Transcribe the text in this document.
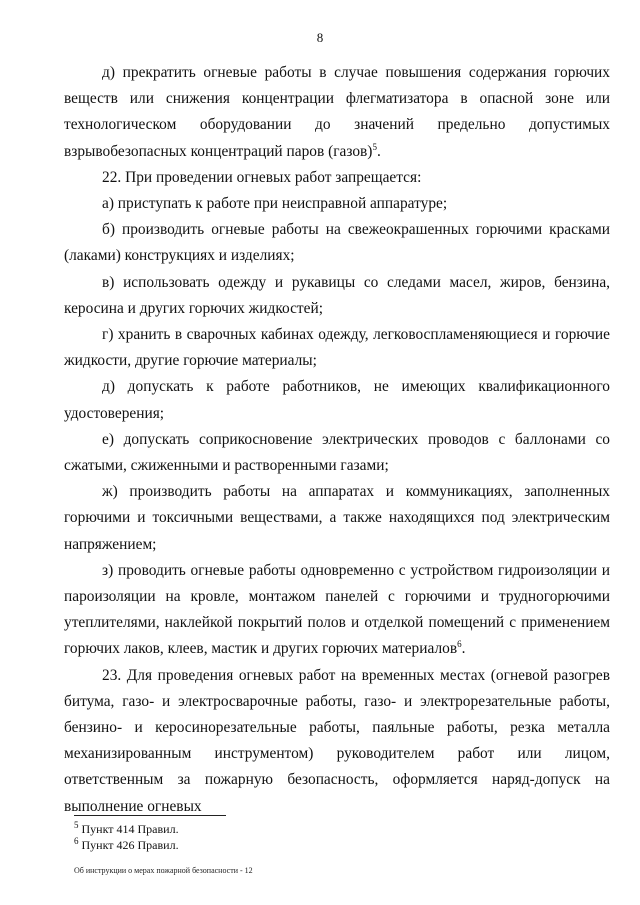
8

д) прекратить огневые работы в случае повышения содержания горючих веществ или снижения концентрации флегматизатора в опасной зоне или технологическом оборудовании до значений предельно допустимых взрывобезопасных концентраций паров (газов)$^5$.

22. При проведении огневых работ запрещается:

а) приступать к работе при неисправной аппаратуре;

б) производить огневые работы на свежеокрашенных горючими красками (лаками) конструкциях и изделиях;

в) использовать одежду и рукавицы со следами масел, жиров, бензина, керосина и других горючих жидкостей;

г) хранить в сварочных кабинах одежду, легковоспламеняющиеся и горючие жидкости, другие горючие материалы;

д) допускать к работе работников, не имеющих квалификационного удостоверения;

е) допускать соприкосновение электрических проводов с баллонами со сжатыми, сжиженными и растворенными газами;

ж) производить работы на аппаратах и коммуникациях, заполненных горючими и токсичными веществами, а также находящихся под электрическим напряжением;

з) проводить огневые работы одновременно с устройством гидроизоляции и пароизоляции на кровле, монтажом панелей с горючими и трудногорючими утеплителями, наклейкой покрытий полов и отделкой помещений с применением горючих лаков, клеев, мастик и других горючих материалов$^6$.

23. Для проведения огневых работ на временных местах (огневой разогрев битума, газо- и электросварочные работы, газо- и электрорезательные работы, бензино- и керосинорезательные работы, паяльные работы, резка металла механизированным инструментом) руководителем работ или лицом, ответственным за пожарную безопасность, оформляется наряд-допуск на выполнение огневых

$^5$ Пункт 414 Правил.
$^6$ Пункт 426 Правил.
Об инструкции о мерах пожарной безопасности - 12
